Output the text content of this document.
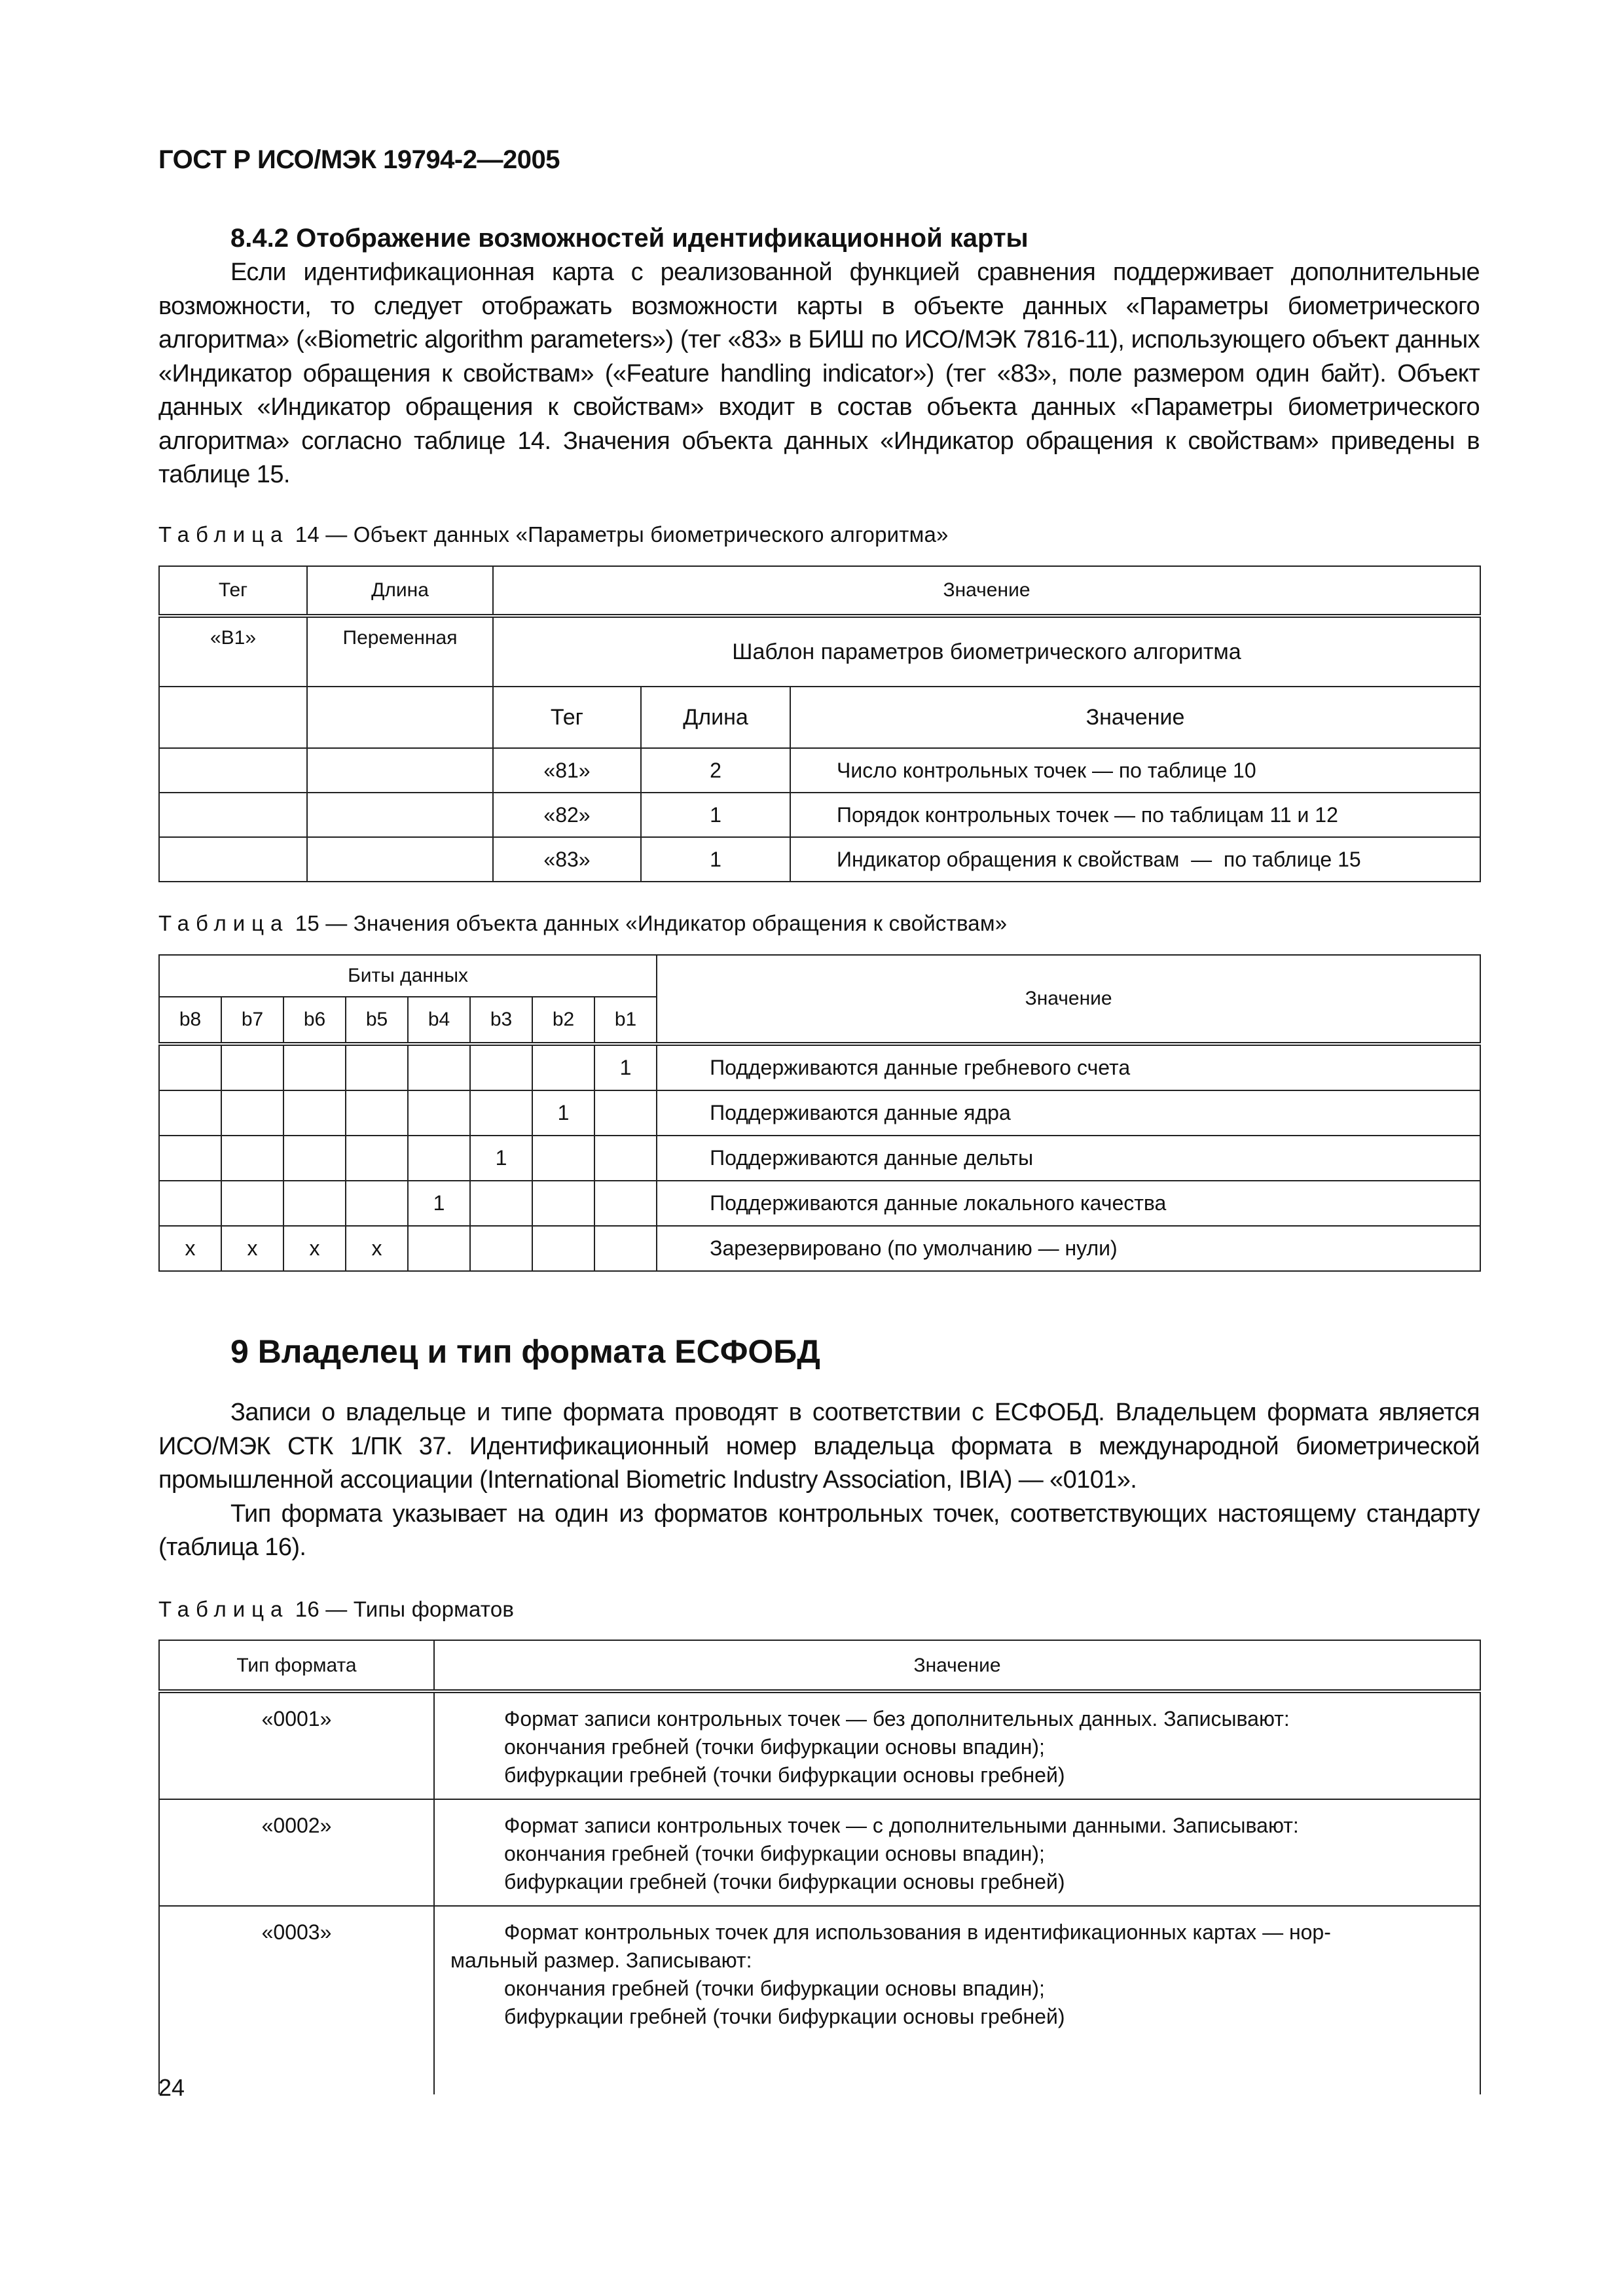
ГОСТ Р ИСО/МЭК 19794-2—2005
8.4.2 Отображение возможностей идентификационной карты

Если идентификационная карта с реализованной функцией сравнения поддерживает дополнительные возможности, то следует отображать возможности карты в объекте данных «Параметры биометрического алгоритма» («Biometric algorithm parameters») (тег «83» в БИШ по ИСО/МЭК 7816-11), использующего объект данных «Индикатор обращения к свойствам» («Feature handling indicator») (тег «83», поле размером один байт). Объект данных «Индикатор обращения к свойствам» входит в состав объекта данных «Параметры биометрического алгоритма» согласно таблице 14. Значения объекта данных «Индикатор обращения к свойствам» приведены в таблице 15.

Таблица 14 — Объект данных «Параметры биометрического алгоритма»
Тег	Длина	Значение		
«B1»	Переменная	Шаблон параметров биометрического алгоритма		
		Тег	Длина	Значение
		«81»	2	Число контрольных точек — по таблице 10
		«82»	1	Порядок контрольных точек — по таблицам 11 и 12
		«83»	1	Индикатор обращения к свойствам  —  по таблице 15
Таблица 15 — Значения объекта данных «Индикатор обращения к свойствам»
Биты данных								Значение
b8	b7	b6	b5	b4	b3	b2	b1	
							1	Поддерживаются данные гребневого счета
						1		Поддерживаются данные ядра
					1			Поддерживаются данные дельты
				1				Поддерживаются данные локального качества
x	x	x	x					Зарезервировано (по умолчанию — нули)
9 Владелец и тип формата ЕСФОБД

Записи о владельце и типе формата проводят в соответствии с ЕСФОБД. Владельцем формата является ИСО/МЭК СТК 1/ПК 37. Идентификационный номер владельца формата в международной биометрической промышленной ассоциации (International Biometric Industry Association, IBIA) — «0101».

Тип формата указывает на один из форматов контрольных точек, соответствующих настоящему стандарту (таблица 16).

Таблица 16 — Типы форматов
Тип формата	Значение
«0001»	Формат записи контрольных точек — без дополнительных данных. Записывают:
окончания гребней (точки бифуркации основы впадин);
бифуркации гребней (точки бифуркации основы гребней)

«0002»	Формат записи контрольных точек — с дополнительными данными. Записывают:
окончания гребней (точки бифуркации основы впадин);
бифуркации гребней (точки бифуркации основы гребней)

«0003»	Формат контрольных точек для использования в идентификационных картах — нор-
мальный размер. Записывают:
окончания гребней (точки бифуркации основы впадин);
бифуркации гребней (точки бифуркации основы гребней)
24
